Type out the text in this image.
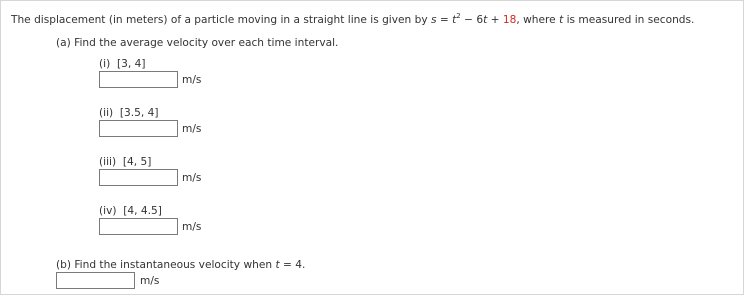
The displacement (in meters) of a particle moving in a straight line is given by $s = t^2 - 6t + 18$, where t is measured in seconds.
(a) Find the average velocity over each time interval.
(i) [3, 4]
m/s
(ii) [3.5, 4]
m/s
(iii) [4, 5]
m/s
(iv) [4, 4.5]
m/s
(b) Find the instantaneous velocity when t = 4.
m/s
